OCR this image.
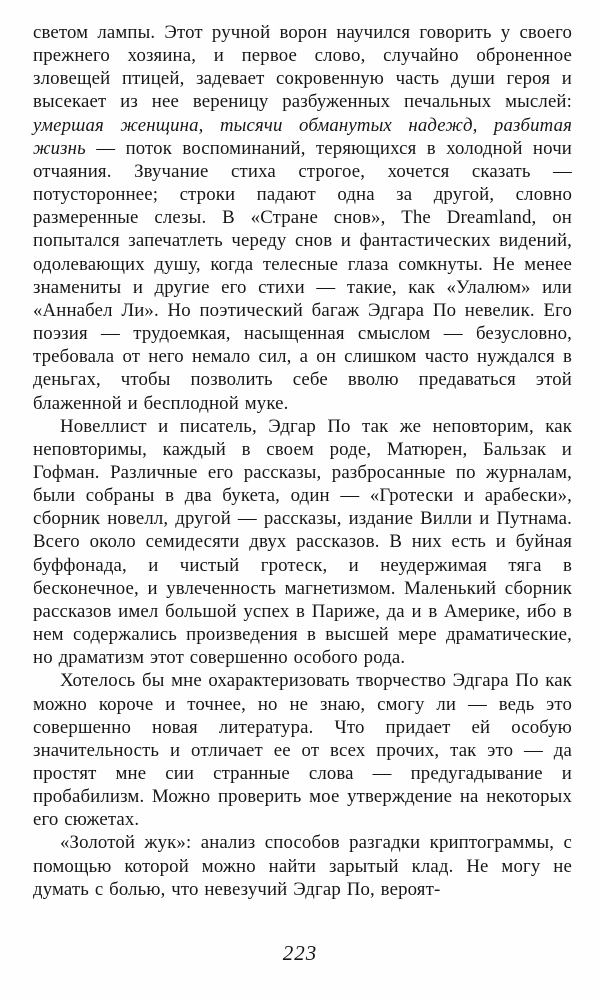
светом лампы. Этот ручной ворон научился говорить у своего прежнего хозяина, и первое слово, случайно оброненное зловещей птицей, задевает сокровенную часть души героя и высекает из нее вереницу разбуженных печальных мыслей: умершая женщина, тысячи обманутых надежд, разбитая жизнь — поток воспоминаний, теряющихся в холодной ночи отчаяния. Звучание стиха строгое, хочется сказать — потустороннее; строки падают одна за другой, словно размеренные слезы. В «Стране снов», The Dreamland, он попытался запечатлеть череду снов и фантастических видений, одолевающих душу, когда телесные глаза сомкнуты. Не менее знамениты и другие его стихи — такие, как «Улалюм» или «Аннабел Ли». Но поэтический багаж Эдгара По невелик. Его поэзия — трудоемкая, насыщенная смыслом — безусловно, требовала от него немало сил, а он слишком часто нуждался в деньгах, чтобы позволить себе вволю предаваться этой блаженной и бесплодной муке.

Новеллист и писатель, Эдгар По так же неповторим, как неповторимы, каждый в своем роде, Матюрен, Бальзак и Гофман. Различные его рассказы, разбросанные по журналам, были собраны в два букета, один — «Гротески и арабески», сборник новелл, другой — рассказы, издание Вилли и Путнама. Всего около семидесяти двух рассказов. В них есть и буйная буффонада, и чистый гротеск, и неудержимая тяга в бесконечное, и увлеченность магнетизмом. Маленький сборник рассказов имел большой успех в Париже, да и в Америке, ибо в нем содержались произведения в высшей мере драматические, но драматизм этот совершенно особого рода.

Хотелось бы мне охарактеризовать творчество Эдгара По как можно короче и точнее, но не знаю, смогу ли — ведь это совершенно новая литература. Что придает ей особую значительность и отличает ее от всех прочих, так это — да простят мне сии странные слова — предугадывание и пробабилизм. Можно проверить мое утверждение на некоторых его сюжетах.

«Золотой жук»: анализ способов разгадки криптограммы, с помощью которой можно найти зарытый клад. Не могу не думать с болью, что невезучий Эдгар По, вероят-

223
